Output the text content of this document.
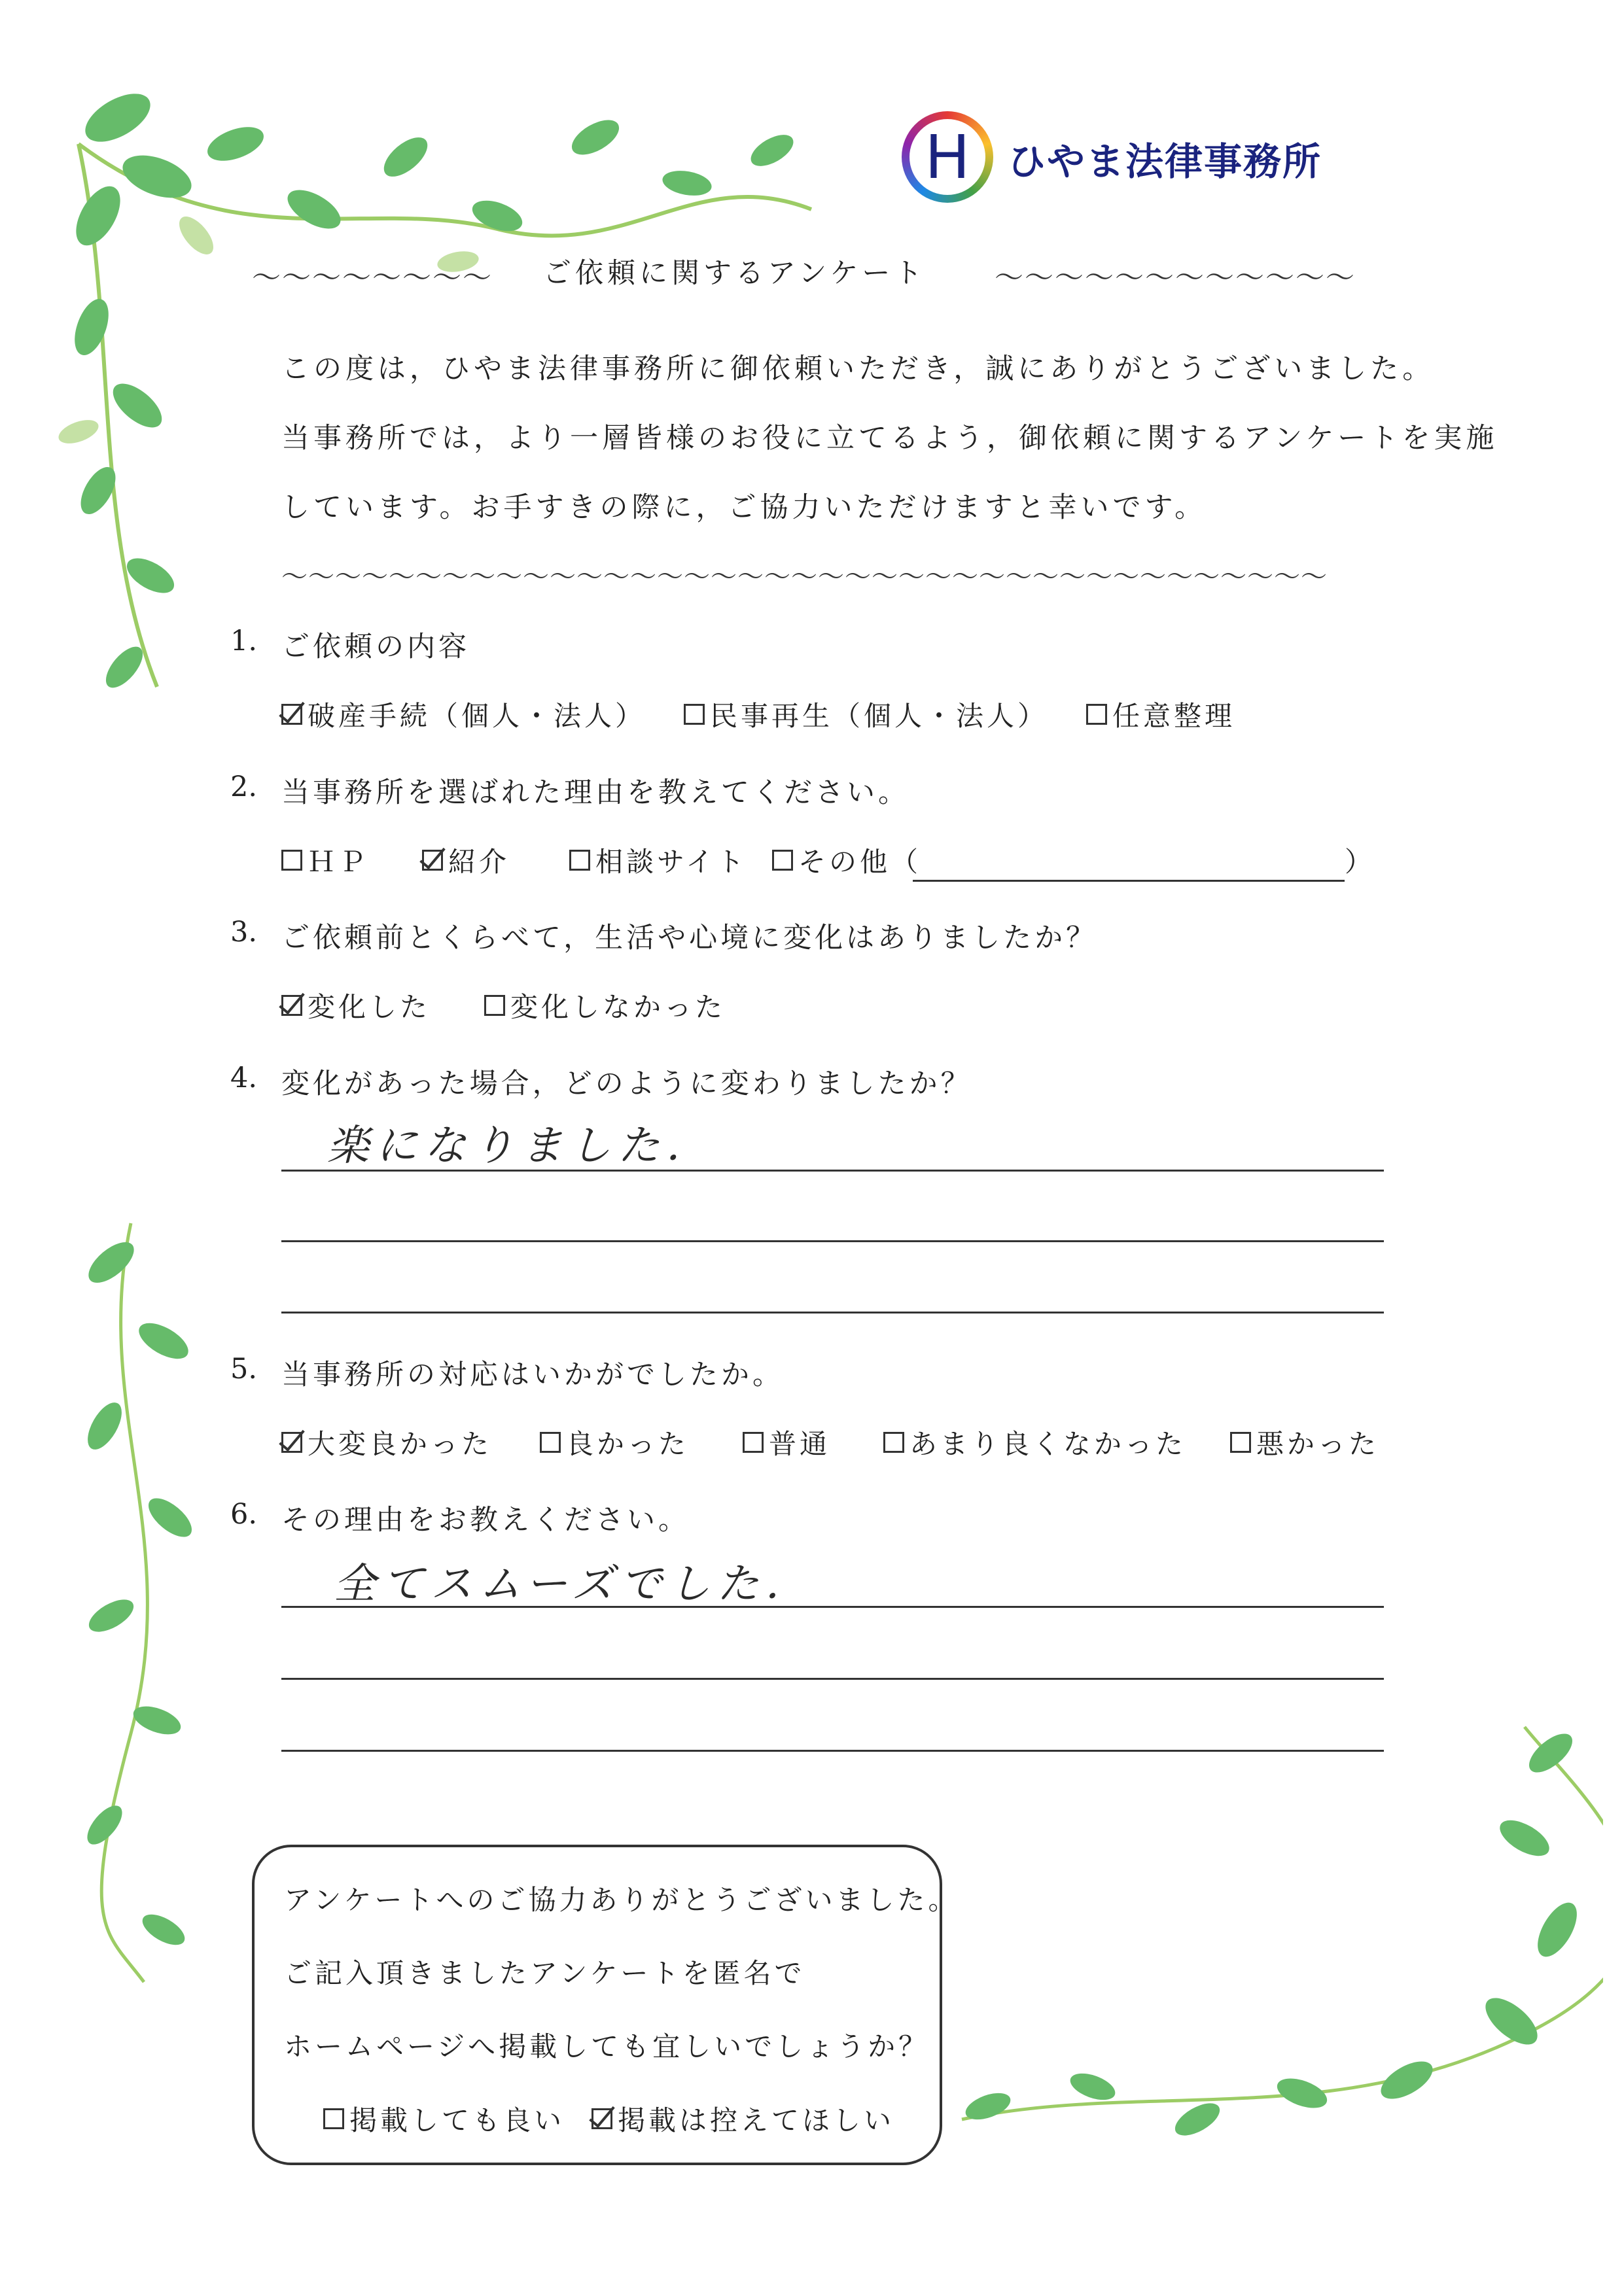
H ひやま法律事務所
～～～～～～～～ ご依頼に関するアンケート ～～～～～～～～～～～～
この度は，ひやま法律事務所に御依頼いただき，誠にありがとうございました。
当事務所では，より一層皆様のお役に立てるよう，御依頼に関するアンケートを実施
しています。お手すきの際に，ご協力いただけますと幸いです。
～～～～～～～～～～～～～～～～～～～～～～～～～～～～～～～～～～～～～～～
1. ご依頼の内容
破産手続（個人・法人） 民事再生（個人・法人） 任意整理
2. 当事務所を選ばれた理由を教えてください。
ＨＰ	紹介	相談サイト その他（	）
3. ご依頼前とくらべて，生活や心境に変化はありましたか？
変化した	変化しなかった
4. 変化があった場合，どのように変わりましたか？
楽になりました．
5. 当事務所の対応はいかがでしたか。
大変良かった	良かった	普通	あまり良くなかった	悪かった
6. その理由をお教えください。
全てスムーズでした．
アンケートへのご協力ありがとうございました。
ご記入頂きましたアンケートを匿名で
ホームページへ掲載しても宜しいでしょうか？
掲載しても良い 掲載は控えてほしい
